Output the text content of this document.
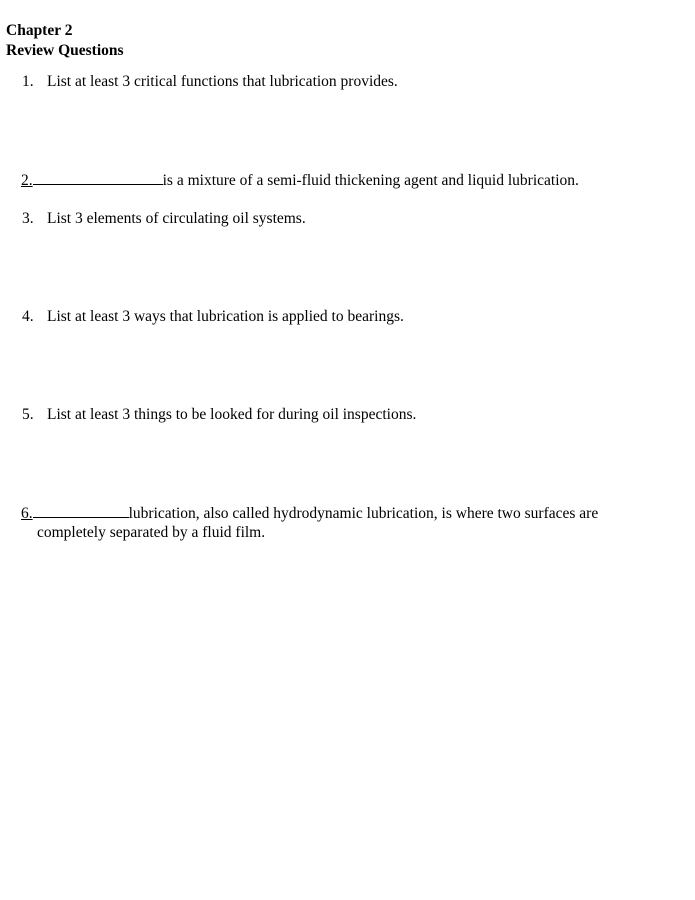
Chapter 2
Review Questions
1. List at least 3 critical functions that lubrication provides.
2.	is a mixture of a semi-fluid thickening agent and liquid lubrication.
3. List 3 elements of circulating oil systems.
4. List at least 3 ways that lubrication is applied to bearings.
5. List at least 3 things to be looked for during oil inspections.
6.	lubrication, also called hydrodynamic lubrication, is where two surfaces are
completely separated by a fluid film.
